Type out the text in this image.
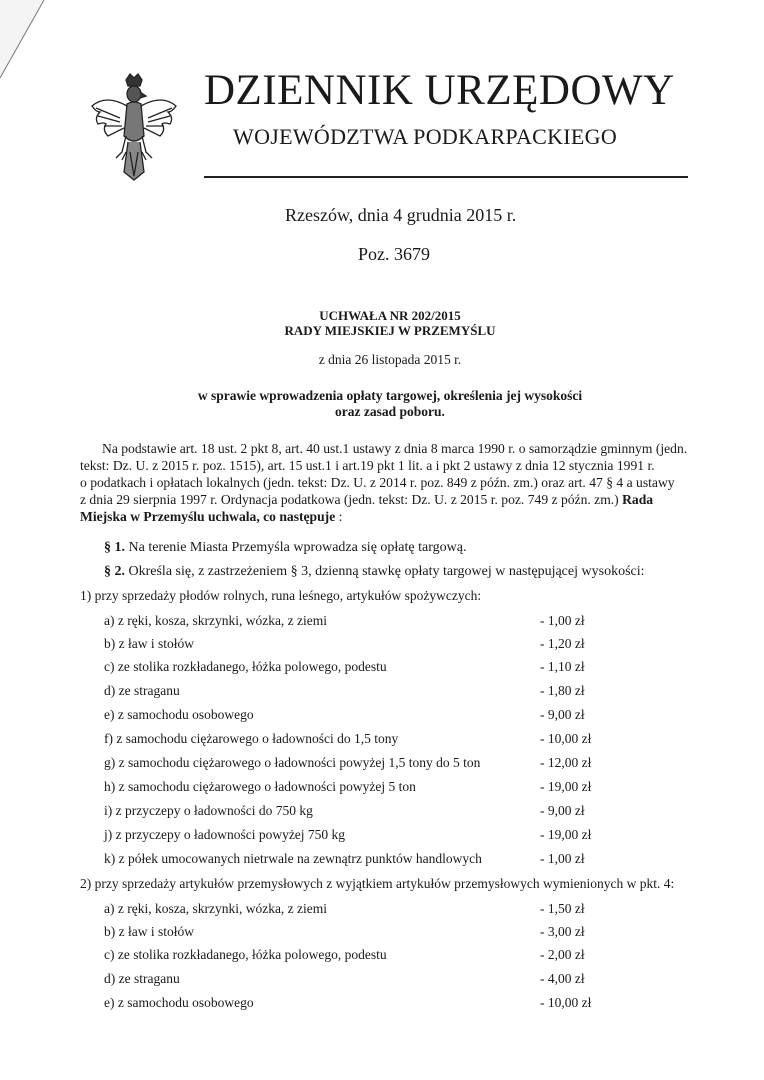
DZIENNIK URZĘDOWY
WOJEWÓDZTWA PODKARPACKIEGO
Rzeszów, dnia 4 grudnia 2015 r.
Poz. 3679
UCHWAŁA NR 202/2015
RADY MIEJSKIEJ W PRZEMYŚLU
z dnia 26 listopada 2015 r.
w sprawie wprowadzenia opłaty targowej, określenia jej wysokości
oraz zasad poboru.
Na podstawie art. 18 ust. 2 pkt 8, art. 40 ust.1 ustawy z dnia 8 marca 1990 r. o samorządzie gminnym (jedn.
tekst: Dz. U. z 2015 r. poz. 1515), art. 15 ust.1 i art.19 pkt 1 lit. a i pkt 2 ustawy z dnia 12 stycznia 1991 r.
o podatkach i opłatach lokalnych (jedn. tekst: Dz. U. z 2014 r. poz. 849 z późn. zm.) oraz art. 47 § 4 a ustawy
z dnia 29 sierpnia 1997 r. Ordynacja podatkowa (jedn. tekst: Dz. U. z 2015 r. poz. 749 z późn. zm.) Rada
Miejska w Przemyślu uchwala, co następuje :
§ 1. Na terenie Miasta Przemyśla wprowadza się opłatę targową.
§ 2. Określa się, z zastrzeżeniem § 3, dzienną stawkę opłaty targowej w następującej wysokości:
1) przy sprzedaży płodów rolnych, runa leśnego, artykułów spożywczych:
a) z ręki, kosza, skrzynki, wózka, z ziemi	- 1,00 zł
b) z ław i stołów	- 1,20 zł
c) ze stolika rozkładanego, łóżka polowego, podestu	- 1,10 zł
d) ze straganu	- 1,80 zł
e) z samochodu osobowego	- 9,00 zł
f) z samochodu ciężarowego o ładowności do 1,5 tony	- 10,00 zł
g) z samochodu ciężarowego o ładowności powyżej 1,5 tony do 5 ton	- 12,00 zł
h) z samochodu ciężarowego o ładowności powyżej 5 ton	- 19,00 zł
i) z przyczepy o ładowności do 750 kg	- 9,00 zł
j) z przyczepy o ładowności powyżej 750 kg	- 19,00 zł
k) z półek umocowanych nietrwale na zewnątrz punktów handlowych	- 1,00 zł
2) przy sprzedaży artykułów przemysłowych z wyjątkiem artykułów przemysłowych wymienionych w pkt. 4:
a) z ręki, kosza, skrzynki, wózka, z ziemi	- 1,50 zł
b) z ław i stołów	- 3,00 zł
c) ze stolika rozkładanego, łóżka polowego, podestu	- 2,00 zł
d) ze straganu	- 4,00 zł
e) z samochodu osobowego	- 10,00 zł
